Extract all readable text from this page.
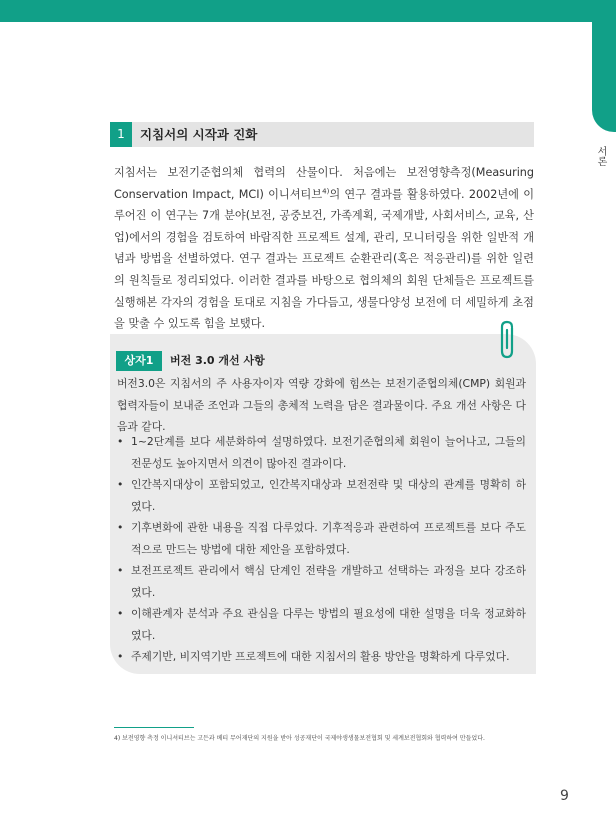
서론
1	지침서의 시작과 진화

지침서는 보전기준협의체 협력의 산물이다. 처음에는 보전영향측정(Measuring Conservation Impact, MCI) 이니셔티브$^{4)}$의 연구 결과를 활용하였다. 2002년에 이루어진 이 연구는 7개 분야(보전, 공중보건, 가족계획, 국제개발, 사회서비스, 교육, 산업)에서의 경험을 검토하여 바람직한 프로젝트 설계, 관리, 모니터링을 위한 일반적 개념과 방법을 선별하였다. 연구 결과는 프로젝트 순환관리(혹은 적응관리)를 위한 일련의 원칙들로 정리되었다. 이러한 결과를 바탕으로 협의체의 회원 단체들은 프로젝트를 실행해본 각자의 경험을 토대로 지침을 가다듬고, 생물다양성 보전에 더 세밀하게 초점을 맞출 수 있도록 힘을 보탰다.

상자1	버전 3.0 개선 사항

버전3.0은 지침서의 주 사용자이자 역량 강화에 힘쓰는 보전기준협의체(CMP) 회원과 협력자들이 보내준 조언과 그들의 총체적 노력을 담은 결과물이다. 주요 개선 사항은 다음과 같다.

• 1~2단계를 보다 세분화하여 설명하였다. 보전기준협의체 회원이 늘어나고, 그들의 전문성도 높아지면서 의견이 많아진 결과이다.
• 인간복지대상이 포함되었고, 인간복지대상과 보전전략 및 대상의 관계를 명확히 하였다.
• 기후변화에 관한 내용을 직접 다루었다. 기후적응과 관련하여 프로젝트를 보다 주도적으로 만드는 방법에 대한 제안을 포함하였다.
• 보전프로젝트 관리에서 핵심 단계인 전략을 개발하고 선택하는 과정을 보다 강조하였다.
• 이해관계자 분석과 주요 관심을 다루는 방법의 필요성에 대한 설명을 더욱 정교화하였다.
• 주제기반, 비지역기반 프로젝트에 대한 지침서의 활용 방안을 명확하게 다루었다.
4) 보전영향 측정 이니셔티브는 고든과 베티 무어재단의 지원을 받아 성공재단이 국제야생생물보전협회 및 세계보전협회와 협력하여 만들었다.
9
